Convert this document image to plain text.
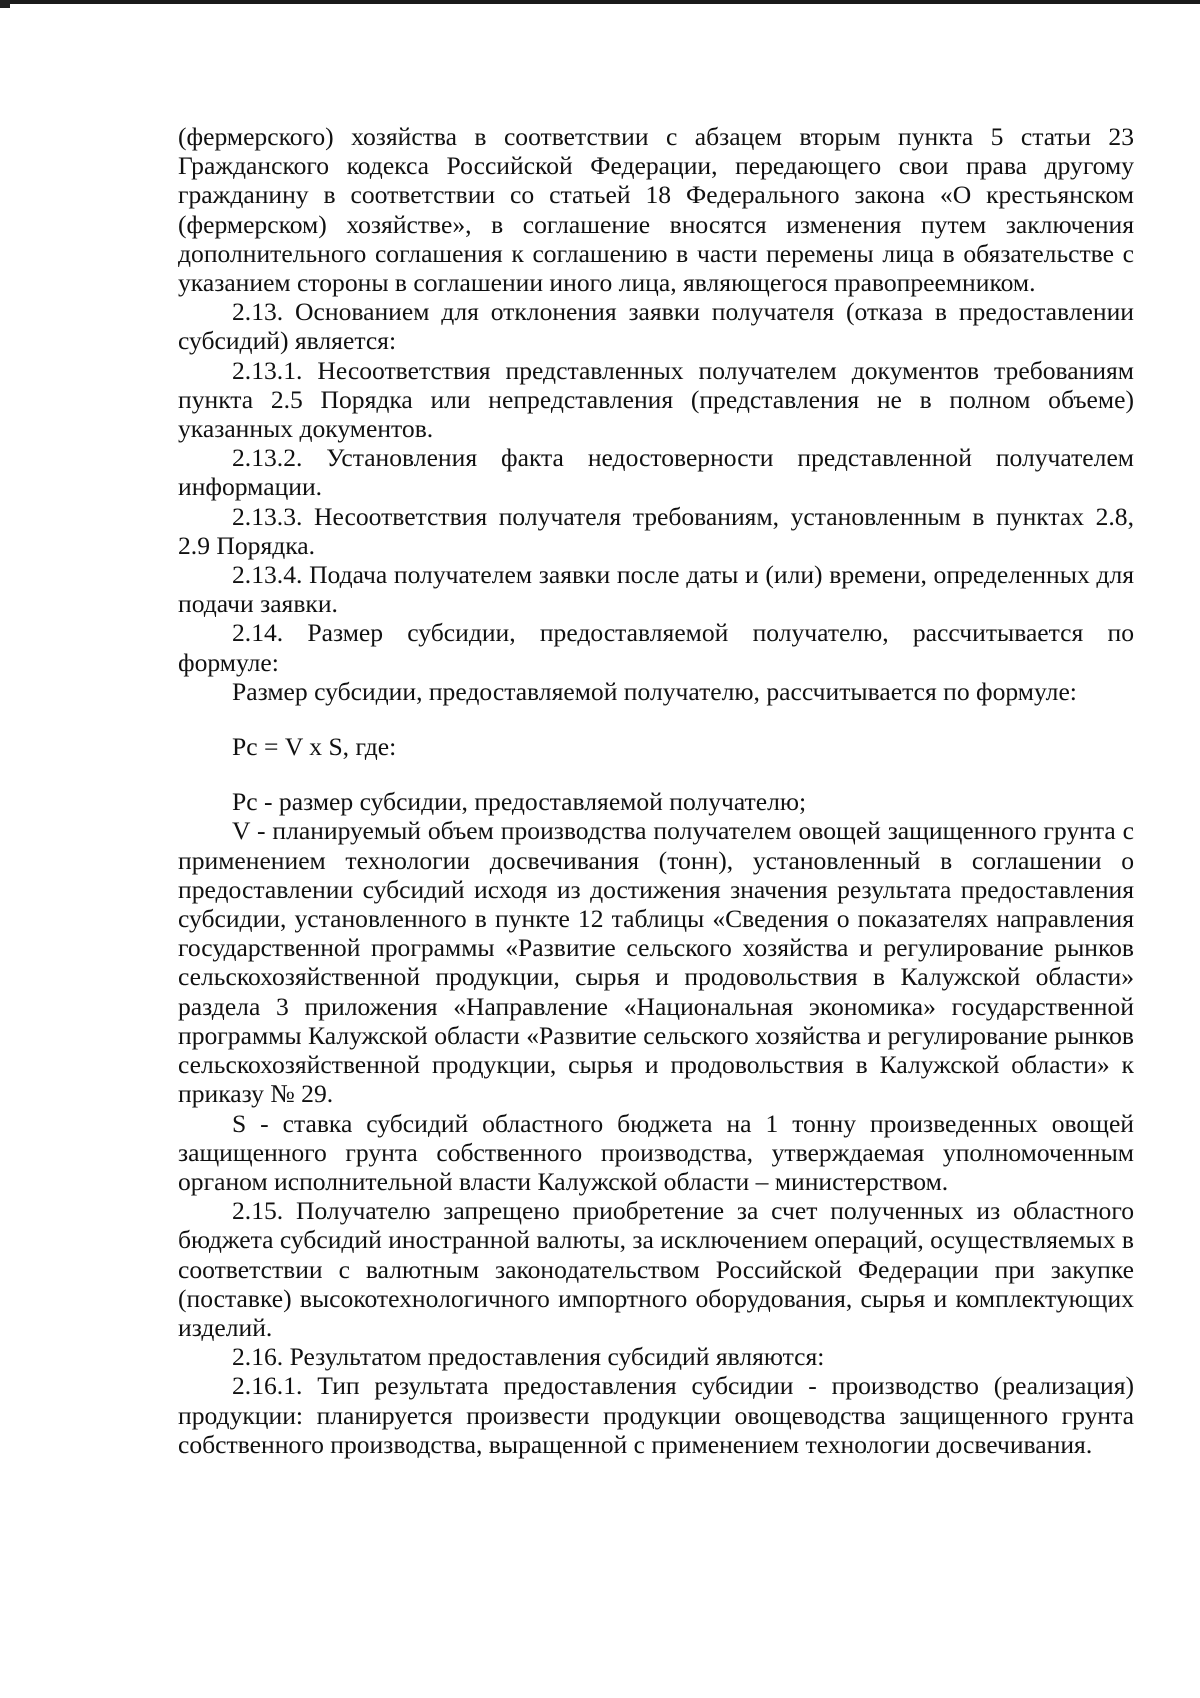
(фермерского) хозяйства в соответствии с абзацем вторым пункта 5 статьи 23 Гражданского кодекса Российской Федерации, передающего свои права другому гражданину в соответствии со статьей 18 Федерального закона «О крестьянском (фермерском) хозяйстве», в соглашение вносятся изменения путем заключения дополнительного соглашения к соглашению в части перемены лица в обязательстве с указанием стороны в соглашении иного лица, являющегося правопреемником.

2.13. Основанием для отклонения заявки получателя (отказа в предоставлении субсидий) является:

2.13.1. Несоответствия представленных получателем документов требованиям пункта 2.5 Порядка или непредставления (представления не в полном объеме) указанных документов.

2.13.2. Установления факта недостоверности представленной получателем информации.

2.13.3. Несоответствия получателя требованиям, установленным в пунктах 2.8, 2.9 Порядка.

2.13.4. Подача получателем заявки после даты и (или) времени, определенных для подачи заявки.

2.14. Размер субсидии, предоставляемой получателю, рассчитывается по формуле:

Размер субсидии, предоставляемой получателю, рассчитывается по формуле:

Рс = V х S, где:

Рс - размер субсидии, предоставляемой получателю;

V - планируемый объем производства получателем овощей защищенного грунта с применением технологии досвечивания (тонн), установленный в соглашении о предоставлении субсидий исходя из достижения значения результата предоставления субсидии, установленного в пункте 12 таблицы «Сведения о показателях направления государственной программы «Развитие сельского хозяйства и регулирование рынков сельскохозяйственной продукции, сырья и продовольствия в Калужской области» раздела 3 приложения «Направление «Национальная экономика» государственной программы Калужской области «Развитие сельского хозяйства и регулирование рынков сельскохозяйственной продукции, сырья и продовольствия в Калужской области» к приказу № 29.

S - ставка субсидий областного бюджета на 1 тонну произведенных овощей защищенного грунта собственного производства, утверждаемая уполномоченным органом исполнительной власти Калужской области – министерством.

2.15. Получателю запрещено приобретение за счет полученных из областного бюджета субсидий иностранной валюты, за исключением операций, осуществляемых в соответствии с валютным законодательством Российской Федерации при закупке (поставке) высокотехнологичного импортного оборудования, сырья и комплектующих изделий.

2.16. Результатом предоставления субсидий являются:

2.16.1. Тип результата предоставления субсидии - производство (реализация) продукции: планируется произвести продукции овощеводства защищенного грунта собственного производства, выращенной с применением технологии досвечивания.
